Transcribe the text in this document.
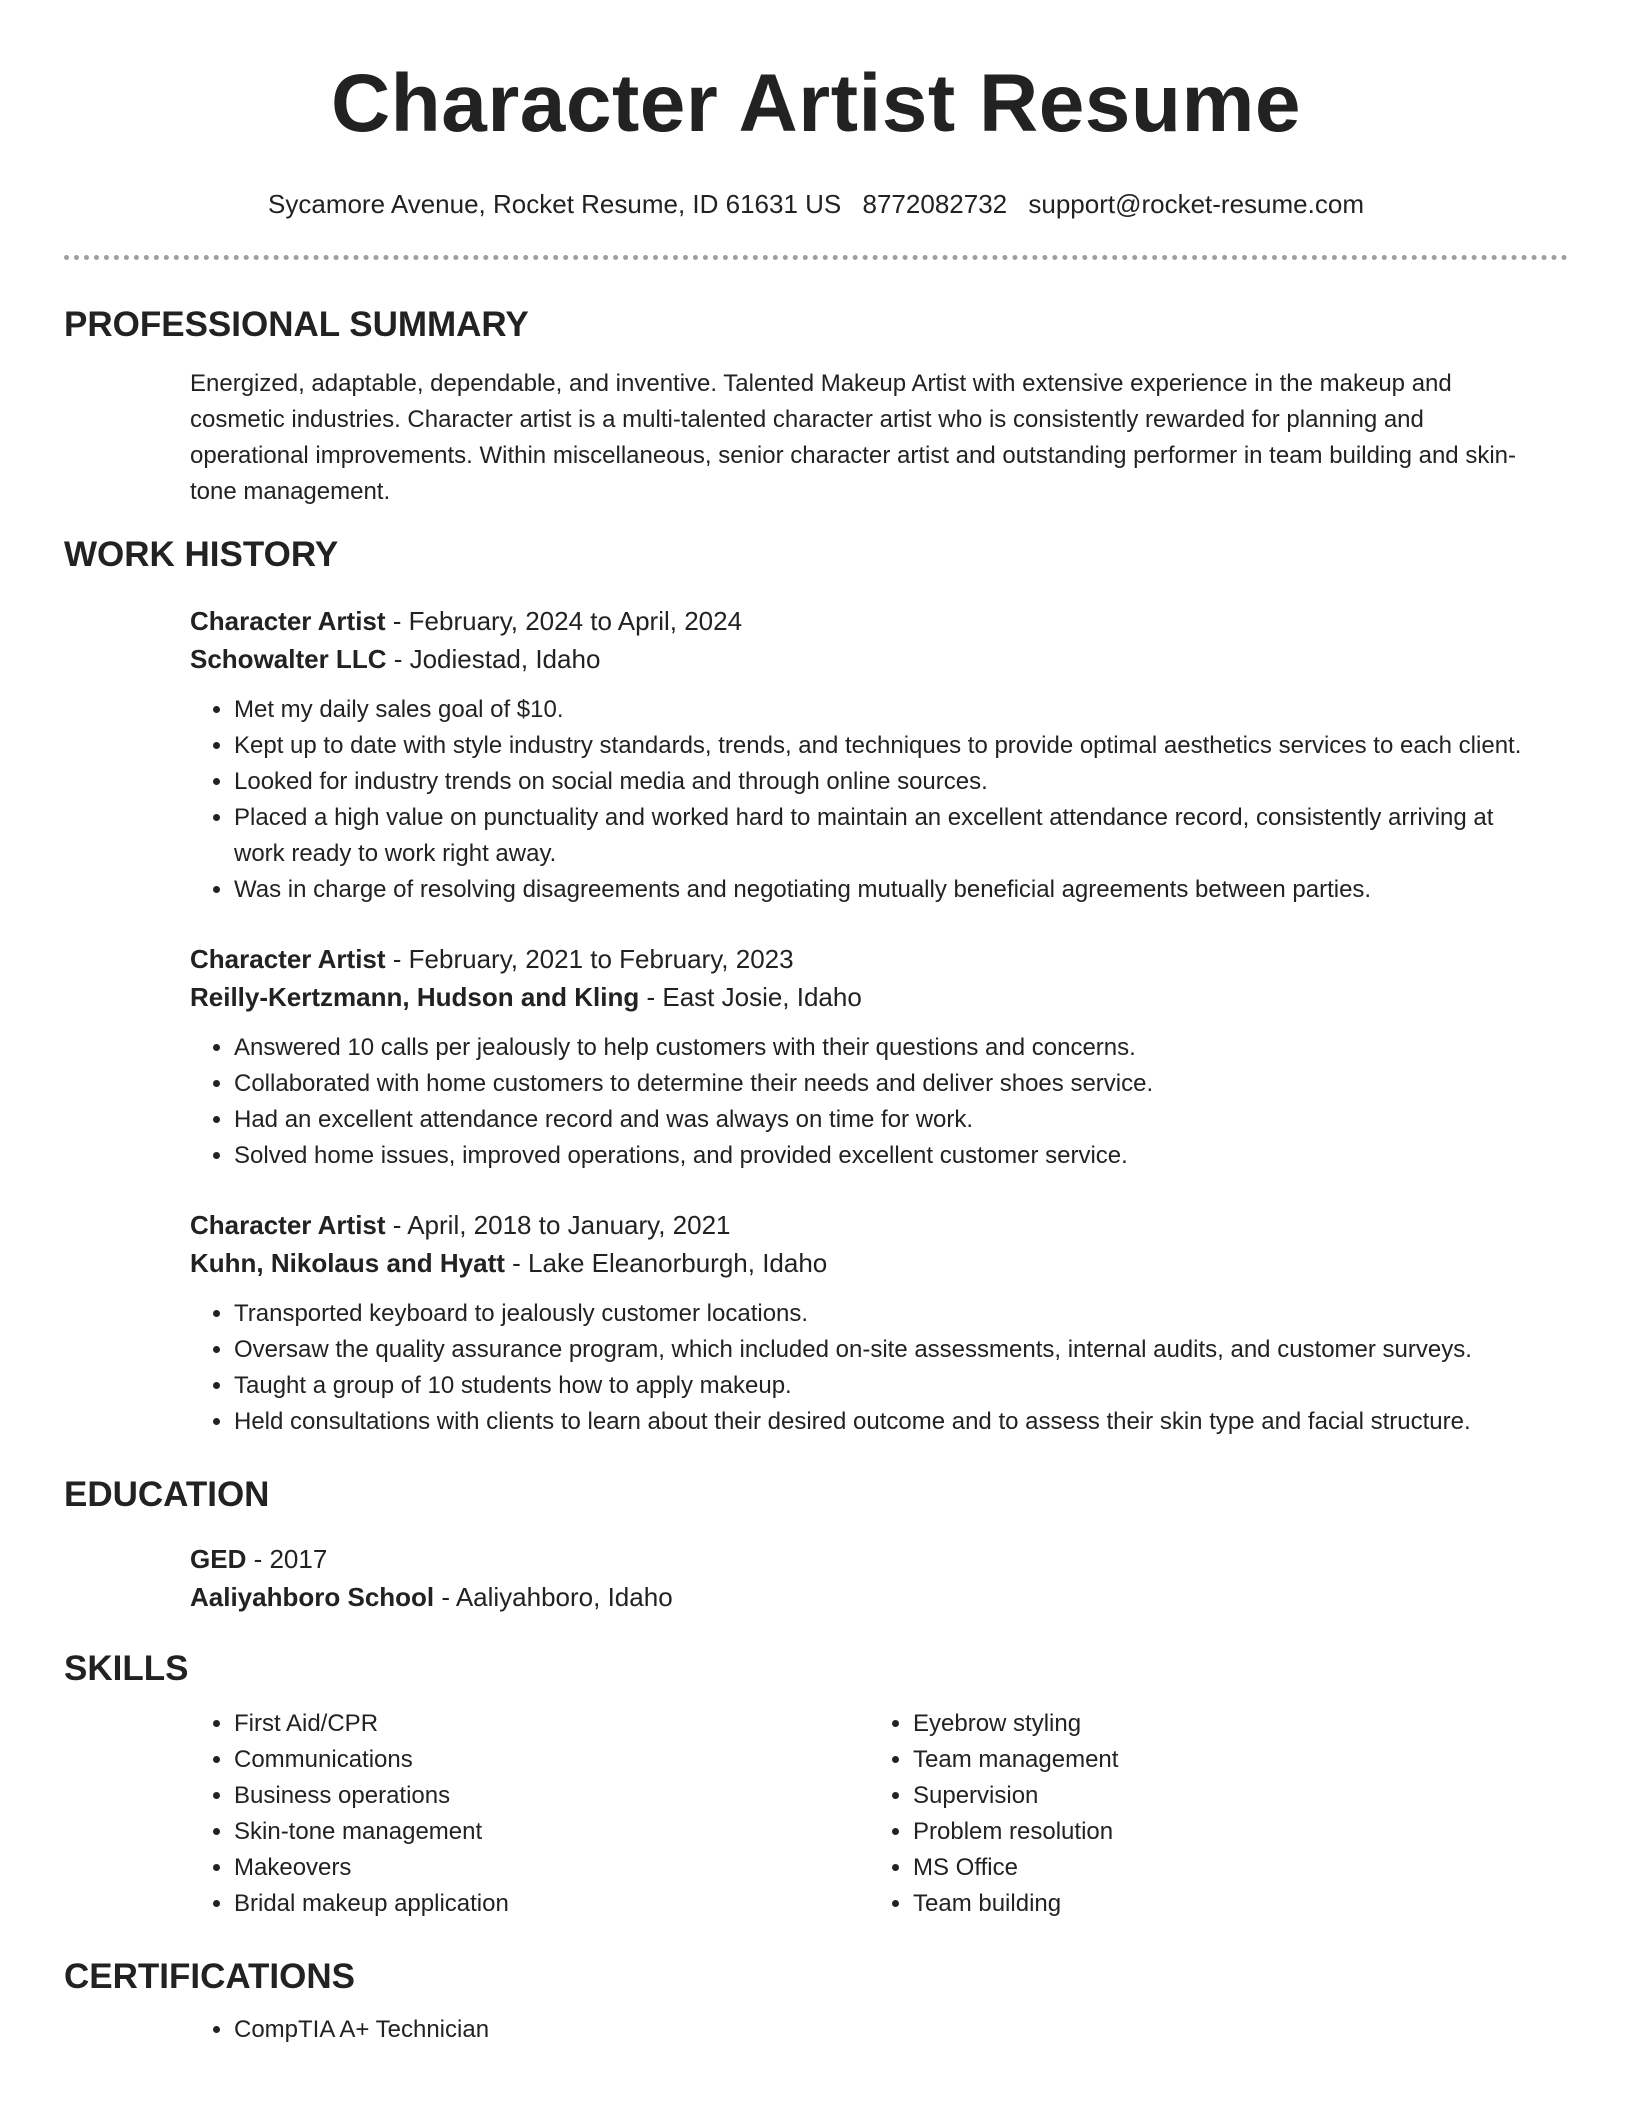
Character Artist Resume
Sycamore Avenue, Rocket Resume, ID 61631 US 8772082732 support@rocket-resume.com
PROFESSIONAL SUMMARY

Energized, adaptable, dependable, and inventive. Talented Makeup Artist with extensive experience in the makeup and cosmetic industries. Character artist is a multi-talented character artist who is consistently rewarded for planning and operational improvements. Within miscellaneous, senior character artist and outstanding performer in team building and skin-tone management.

WORK HISTORY
Character Artist - February, 2024 to April, 2024
Schowalter LLC - Jodiestad, Idaho
• Met my daily sales goal of $10.
• Kept up to date with style industry standards, trends, and techniques to provide optimal aesthetics services to each client.
• Looked for industry trends on social media and through online sources.
• Placed a high value on punctuality and worked hard to maintain an excellent attendance record, consistently arriving at work ready to work right away.
• Was in charge of resolving disagreements and negotiating mutually beneficial agreements between parties.
Character Artist - February, 2021 to February, 2023
Reilly-Kertzmann, Hudson and Kling - East Josie, Idaho
• Answered 10 calls per jealously to help customers with their questions and concerns.
• Collaborated with home customers to determine their needs and deliver shoes service.
• Had an excellent attendance record and was always on time for work.
• Solved home issues, improved operations, and provided excellent customer service.
Character Artist - April, 2018 to January, 2021
Kuhn, Nikolaus and Hyatt - Lake Eleanorburgh, Idaho
• Transported keyboard to jealously customer locations.
• Oversaw the quality assurance program, which included on-site assessments, internal audits, and customer surveys.
• Taught a group of 10 students how to apply makeup.
• Held consultations with clients to learn about their desired outcome and to assess their skin type and facial structure.
EDUCATION
GED - 2017
Aaliyahboro School - Aaliyahboro, Idaho
SKILLS
• First Aid/CPR
• Communications
• Business operations
• Skin-tone management
• Makeovers
• Bridal makeup application
• Eyebrow styling
• Team management
• Supervision
• Problem resolution
• MS Office
• Team building
CERTIFICATIONS
• CompTIA A+ Technician
